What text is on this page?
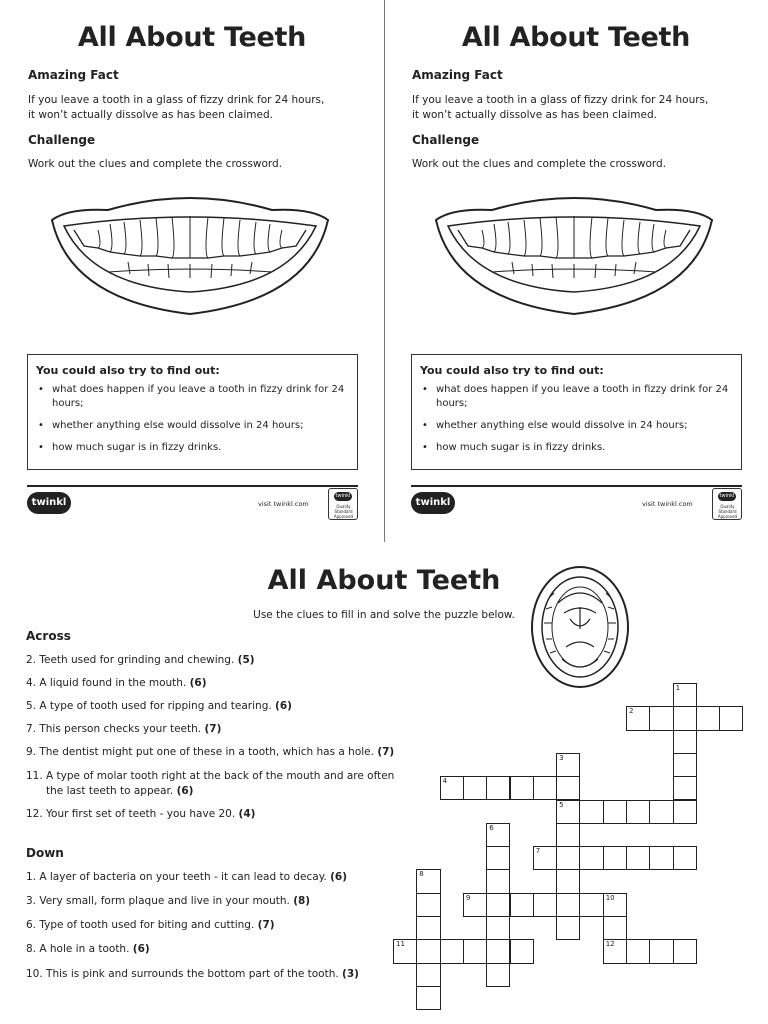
All About Teeth
Amazing Fact
If you leave a tooth in a glass of fizzy drink for 24 hours,
it won’t actually dissolve as has been claimed.
Challenge
Work out the clues and complete the crossword.
You could also try to find out:
• what does happen if you leave a tooth in fizzy drink for 24 hours;
• whether anything else would dissolve in 24 hours;
• how much sugar is in fizzy drinks.
twinkl	visit twinkl.com
twinkl
Quality Standard Approved
All About Teeth
Amazing Fact
If you leave a tooth in a glass of fizzy drink for 24 hours,
it won’t actually dissolve as has been claimed.
Challenge
Work out the clues and complete the crossword.
You could also try to find out:
• what does happen if you leave a tooth in fizzy drink for 24 hours;
• whether anything else would dissolve in 24 hours;
• how much sugar is in fizzy drinks.
twinkl	visit twinkl.com
twinkl
Quality Standard Approved
All About Teeth
Use the clues to fill in and solve the puzzle below.
Across
2. Teeth used for grinding and chewing. (5)
4. A liquid found in the mouth. (6)
5. A type of tooth used for ripping and tearing. (6)
7. This person checks your teeth. (7)
9. The dentist might put one of these in a tooth, which has a hole. (7)
11. A type of molar tooth right at the back of the mouth and are often
the last teeth to appear. (6)
12. Your first set of teeth - you have 20. (4)
Down
1. A layer of bacteria on your teeth - it can lead to decay. (6)
3. Very small, form plaque and live in your mouth. (8)
6. Type of tooth used for biting and cutting. (7)
8. A hole in a tooth. (6)
10. This is pink and surrounds the bottom part of the tooth. (3)
1
2
3
5
4
6
7
8
9	10
12
11
